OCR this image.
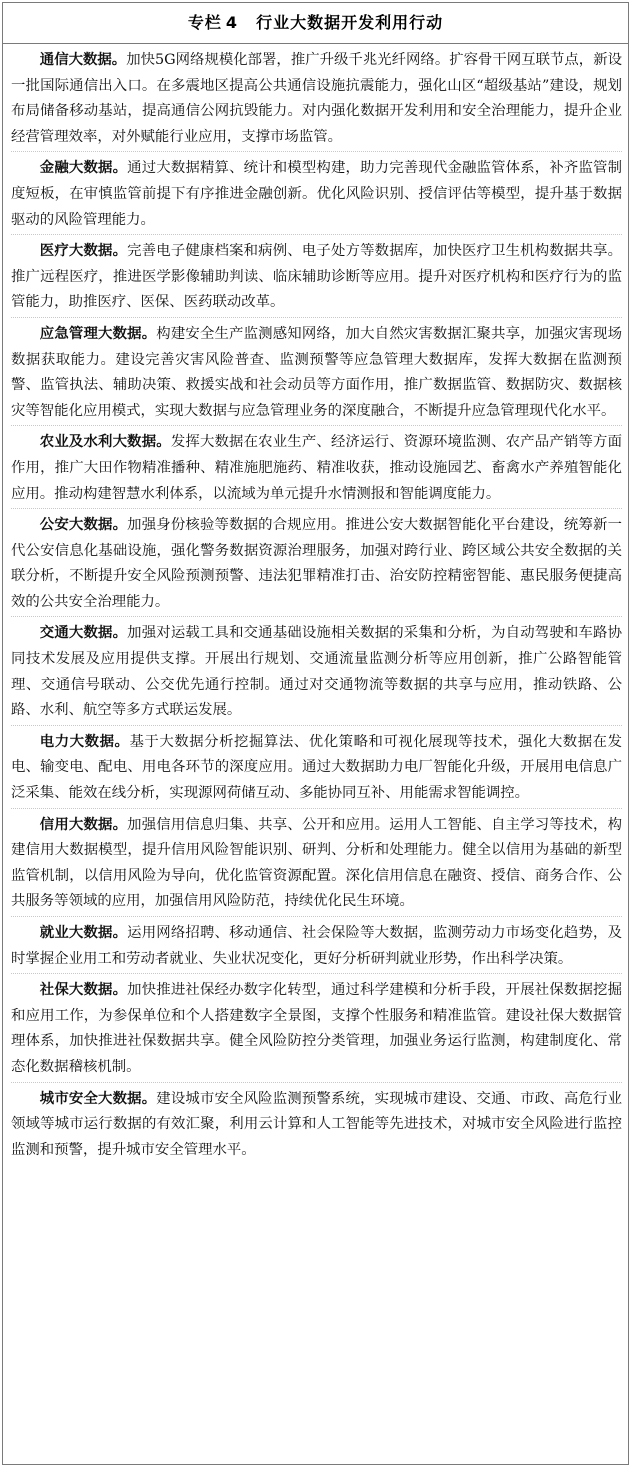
专栏 4 行业大数据开发利用行动

通信大数据。加快5G网络规模化部署，推广升级千兆光纤网络。扩容骨干网互联节点，新设一批国际通信出入口。在多震地区提高公共通信设施抗震能力，强化山区“超级基站”建设，规划布局储备移动基站，提高通信公网抗毁能力。对内强化数据开发利用和安全治理能力，提升企业经营管理效率，对外赋能行业应用，支撑市场监管。

金融大数据。通过大数据精算、统计和模型构建，助力完善现代金融监管体系，补齐监管制度短板，在审慎监管前提下有序推进金融创新。优化风险识别、授信评估等模型，提升基于数据驱动的风险管理能力。

医疗大数据。完善电子健康档案和病例、电子处方等数据库，加快医疗卫生机构数据共享。推广远程医疗，推进医学影像辅助判读、临床辅助诊断等应用。提升对医疗机构和医疗行为的监管能力，助推医疗、医保、医药联动改革。

应急管理大数据。构建安全生产监测感知网络，加大自然灾害数据汇聚共享，加强灾害现场数据获取能力。建设完善灾害风险普查、监测预警等应急管理大数据库，发挥大数据在监测预警、监管执法、辅助决策、救援实战和社会动员等方面作用，推广数据监管、数据防灾、数据核灾等智能化应用模式，实现大数据与应急管理业务的深度融合，不断提升应急管理现代化水平。

农业及水利大数据。发挥大数据在农业生产、经济运行、资源环境监测、农产品产销等方面作用，推广大田作物精准播种、精准施肥施药、精准收获，推动设施园艺、畜禽水产养殖智能化应用。推动构建智慧水利体系，以流域为单元提升水情测报和智能调度能力。

公安大数据。加强身份核验等数据的合规应用。推进公安大数据智能化平台建设，统筹新一代公安信息化基础设施，强化警务数据资源治理服务，加强对跨行业、跨区域公共安全数据的关联分析，不断提升安全风险预测预警、违法犯罪精准打击、治安防控精密智能、惠民服务便捷高效的公共安全治理能力。

交通大数据。加强对运载工具和交通基础设施相关数据的采集和分析，为自动驾驶和车路协同技术发展及应用提供支撑。开展出行规划、交通流量监测分析等应用创新，推广公路智能管理、交通信号联动、公交优先通行控制。通过对交通物流等数据的共享与应用，推动铁路、公路、水利、航空等多方式联运发展。

电力大数据。基于大数据分析挖掘算法、优化策略和可视化展现等技术，强化大数据在发电、输变电、配电、用电各环节的深度应用。通过大数据助力电厂智能化升级，开展用电信息广泛采集、能效在线分析，实现源网荷储互动、多能协同互补、用能需求智能调控。

信用大数据。加强信用信息归集、共享、公开和应用。运用人工智能、自主学习等技术，构建信用大数据模型，提升信用风险智能识别、研判、分析和处理能力。健全以信用为基础的新型监管机制，以信用风险为导向，优化监管资源配置。深化信用信息在融资、授信、商务合作、公共服务等领域的应用，加强信用风险防范，持续优化民生环境。

就业大数据。运用网络招聘、移动通信、社会保险等大数据，监测劳动力市场变化趋势，及时掌握企业用工和劳动者就业、失业状况变化，更好分析研判就业形势，作出科学决策。

社保大数据。加快推进社保经办数字化转型，通过科学建模和分析手段，开展社保数据挖掘和应用工作，为参保单位和个人搭建数字全景图，支撑个性服务和精准监管。建设社保大数据管理体系，加快推进社保数据共享。健全风险防控分类管理，加强业务运行监测，构建制度化、常态化数据稽核机制。

城市安全大数据。建设城市安全风险监测预警系统，实现城市建设、交通、市政、高危行业领域等城市运行数据的有效汇聚，利用云计算和人工智能等先进技术，对城市安全风险进行监控监测和预警，提升城市安全管理水平。
